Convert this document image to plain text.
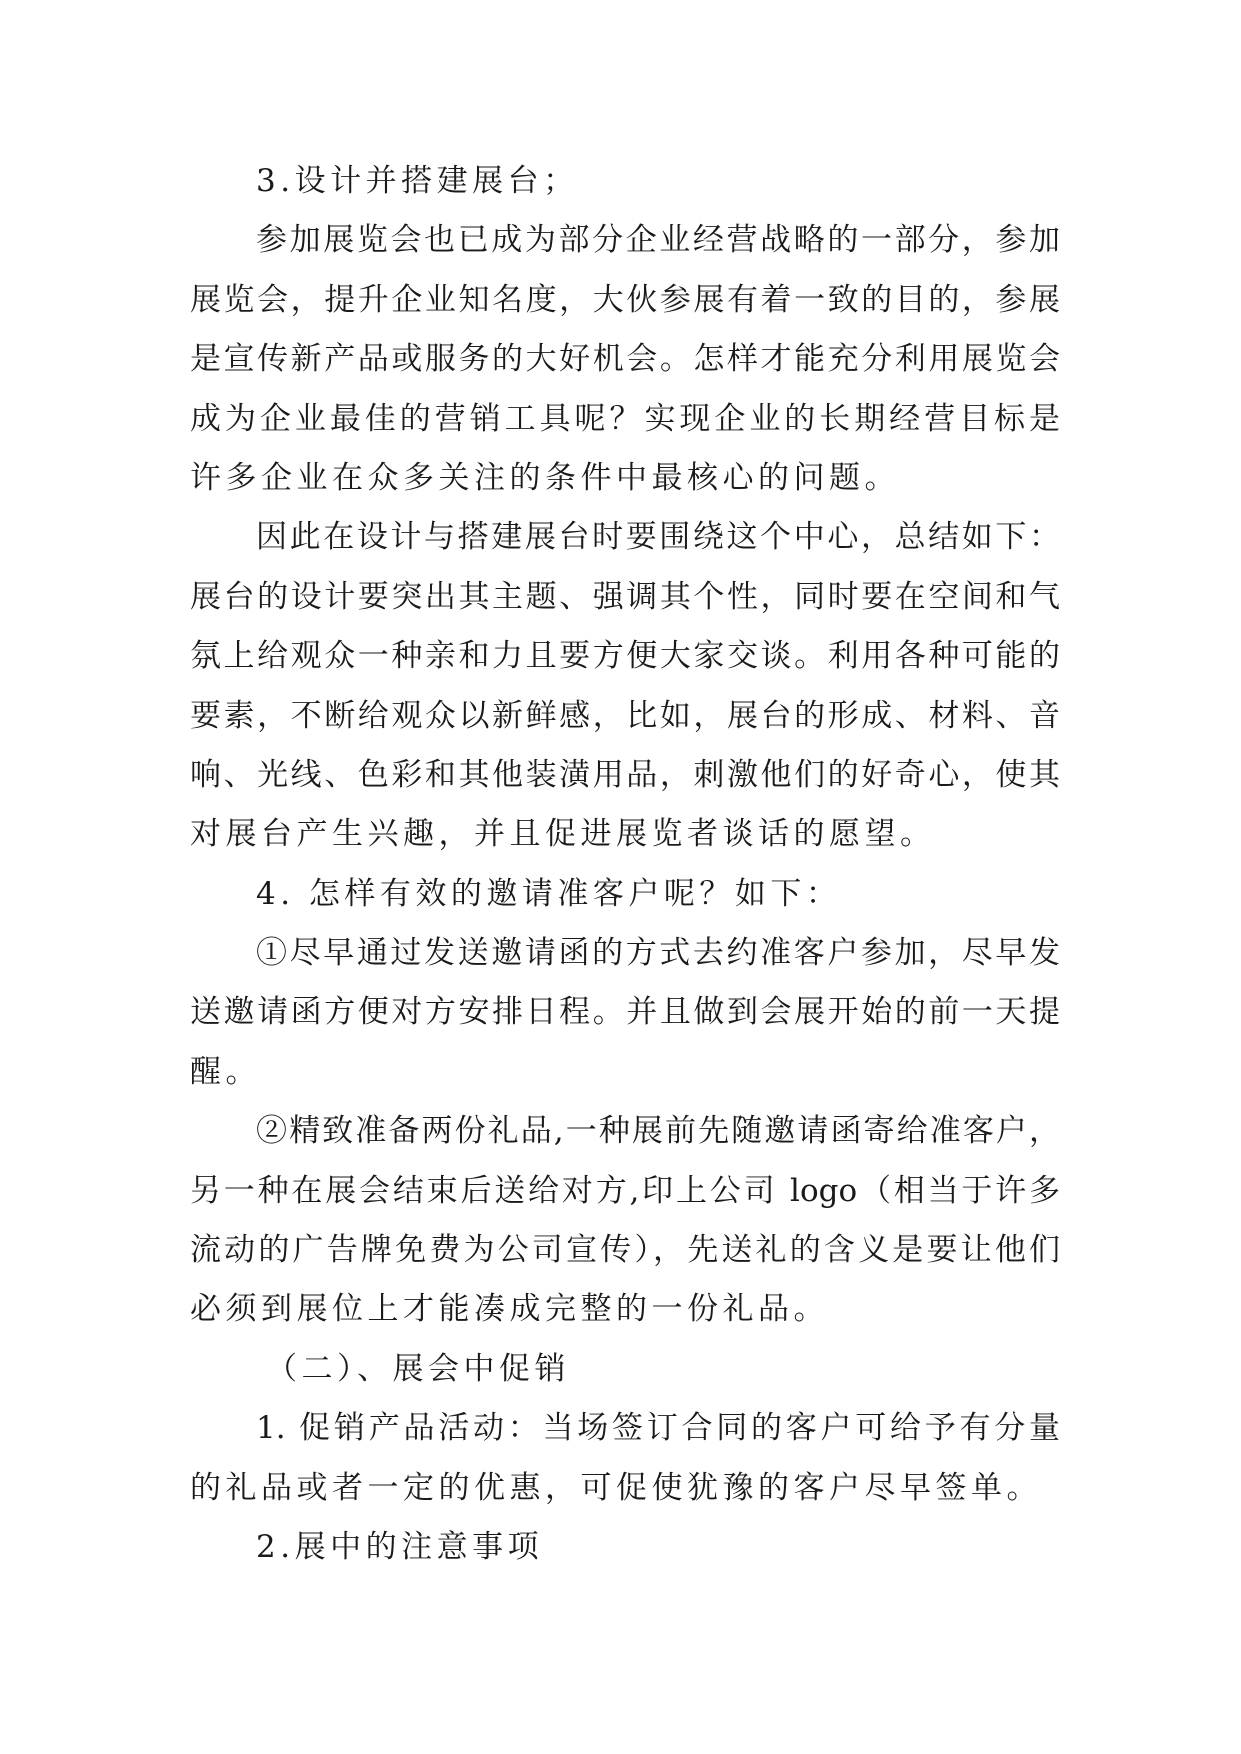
3.设计并搭建展台；
参加展览会也已成为部分企业经营战略的一部分，参加
展览会，提升企业知名度，大伙参展有着一致的目的，参展
是宣传新产品或服务的大好机会。怎样才能充分利用展览会
成为企业最佳的营销工具呢？实现企业的长期经营目标是
许多企业在众多关注的条件中最核心的问题。
因此在设计与搭建展台时要围绕这个中心，总结如下：
展台的设计要突出其主题、强调其个性，同时要在空间和气
氛上给观众一种亲和力且要方便大家交谈。利用各种可能的
要素，不断给观众以新鲜感，比如，展台的形成、材料、音
响、光线、色彩和其他装潢用品，刺激他们的好奇心，使其
对展台产生兴趣，并且促进展览者谈话的愿望。
4. 怎样有效的邀请准客户呢？如下：
①尽早通过发送邀请函的方式去约准客户参加，尽早发
送邀请函方便对方安排日程。并且做到会展开始的前一天提
醒。
②精致准备两份礼品,一种展前先随邀请函寄给准客户，
另一种在展会结束后送给对方,印上公司 logo（相当于许多
流动的广告牌免费为公司宣传），先送礼的含义是要让他们
必须到展位上才能凑成完整的一份礼品。
（二）、展会中促销
1. 促销产品活动：当场签订合同的客户可给予有分量
的礼品或者一定的优惠，可促使犹豫的客户尽早签单。
2.展中的注意事项
